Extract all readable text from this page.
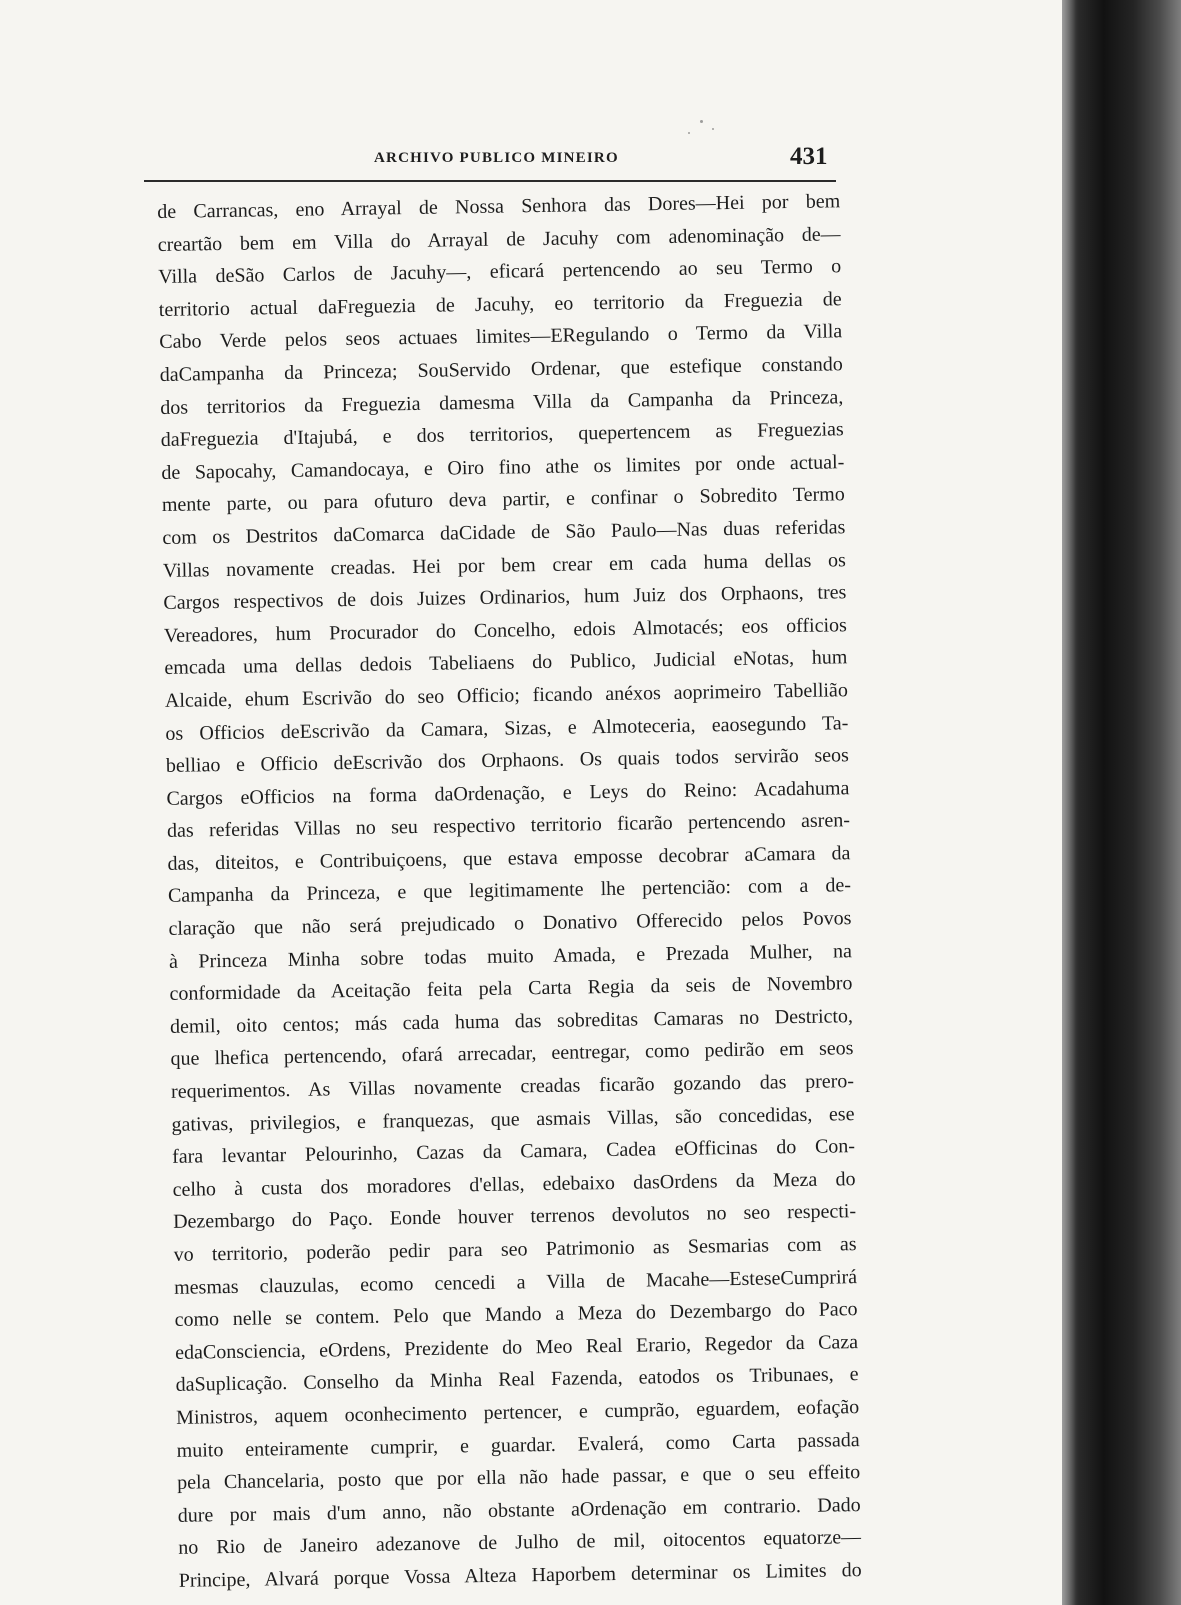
ARCHIVO PUBLICO MINEIRO	431
de Carrancas, eno Arrayal de Nossa Senhora das Dores—Hei por bem
creartão bem em Villa do Arrayal de Jacuhy com adenominação de—
Villa deSão Carlos de Jacuhy—, eficará pertencendo ao seu Termo o
territorio actual daFreguezia de Jacuhy, eo territorio da Freguezia de
Cabo Verde pelos seos actuaes limites—ERegulando o Termo da Villa
daCampanha da Princeza; SouServido Ordenar, que estefique constando
dos territorios da Freguezia damesma Villa da Campanha da Princeza,
daFreguezia d'Itajubá, e dos territorios, quepertencem as Freguezias
de Sapocahy, Camandocaya, e Oiro fino athe os limites por onde actual-
mente parte, ou para ofuturo deva partir, e confinar o Sobredito Termo
com os Destritos daComarca daCidade de São Paulo—Nas duas referidas
Villas novamente creadas. Hei por bem crear em cada huma dellas os
Cargos respectivos de dois Juizes Ordinarios, hum Juiz dos Orphaons, tres
Vereadores, hum Procurador do Concelho, edois Almotacés; eos officios
emcada uma dellas dedois Tabeliaens do Publico, Judicial eNotas, hum
Alcaide, ehum Escrivão do seo Officio; ficando anéxos aoprimeiro Tabellião
os Officios deEscrivão da Camara, Sizas, e Almoteceria, eaosegundo Ta-
belliao e Officio deEscrivão dos Orphaons. Os quais todos servirão seos
Cargos eOfficios na forma daOrdenação, e Leys do Reino: Acadahuma
das referidas Villas no seu respectivo territorio ficarão pertencendo asren-
das, diteitos, e Contribuiçoens, que estava emposse decobrar aCamara da
Campanha da Princeza, e que legitimamente lhe pertencião: com a de-
claração que não será prejudicado o Donativo Offerecido pelos Povos
à Princeza Minha sobre todas muito Amada, e Prezada Mulher, na
conformidade da Aceitação feita pela Carta Regia da seis de Novembro
demil, oito centos; más cada huma das sobreditas Camaras no Destricto,
que lhefica pertencendo, ofará arrecadar, eentregar, como pedirão em seos
requerimentos. As Villas novamente creadas ficarão gozando das prero-
gativas, privilegios, e franquezas, que asmais Villas, são concedidas, ese
fara levantar Pelourinho, Cazas da Camara, Cadea eOfficinas do Con-
celho à custa dos moradores d'ellas, edebaixo dasOrdens da Meza do
Dezembargo do Paço. Eonde houver terrenos devolutos no seo respecti-
vo territorio, poderão pedir para seo Patrimonio as Sesmarias com as
mesmas clauzulas, ecomo cencedi a Villa de Macahe—EsteseCumprirá
como nelle se contem. Pelo que Mando a Meza do Dezembargo do Paco
edaConsciencia, eOrdens, Prezidente do Meo Real Erario, Regedor da Caza
daSuplicação. Conselho da Minha Real Fazenda, eatodos os Tribunaes, e
Ministros, aquem oconhecimento pertencer, e cumprão, eguardem, eofação
muito enteiramente cumprir, e guardar. Evalerá, como Carta passada
pela Chancelaria, posto que por ella não hade passar, e que o seu effeito
dure por mais d'um anno, não obstante aOrdenação em contrario. Dado
no Rio de Janeiro adezanove de Julho de mil, oitocentos equatorze—
Principe, Alvará porque Vossa Alteza Haporbem determinar os Limites do
